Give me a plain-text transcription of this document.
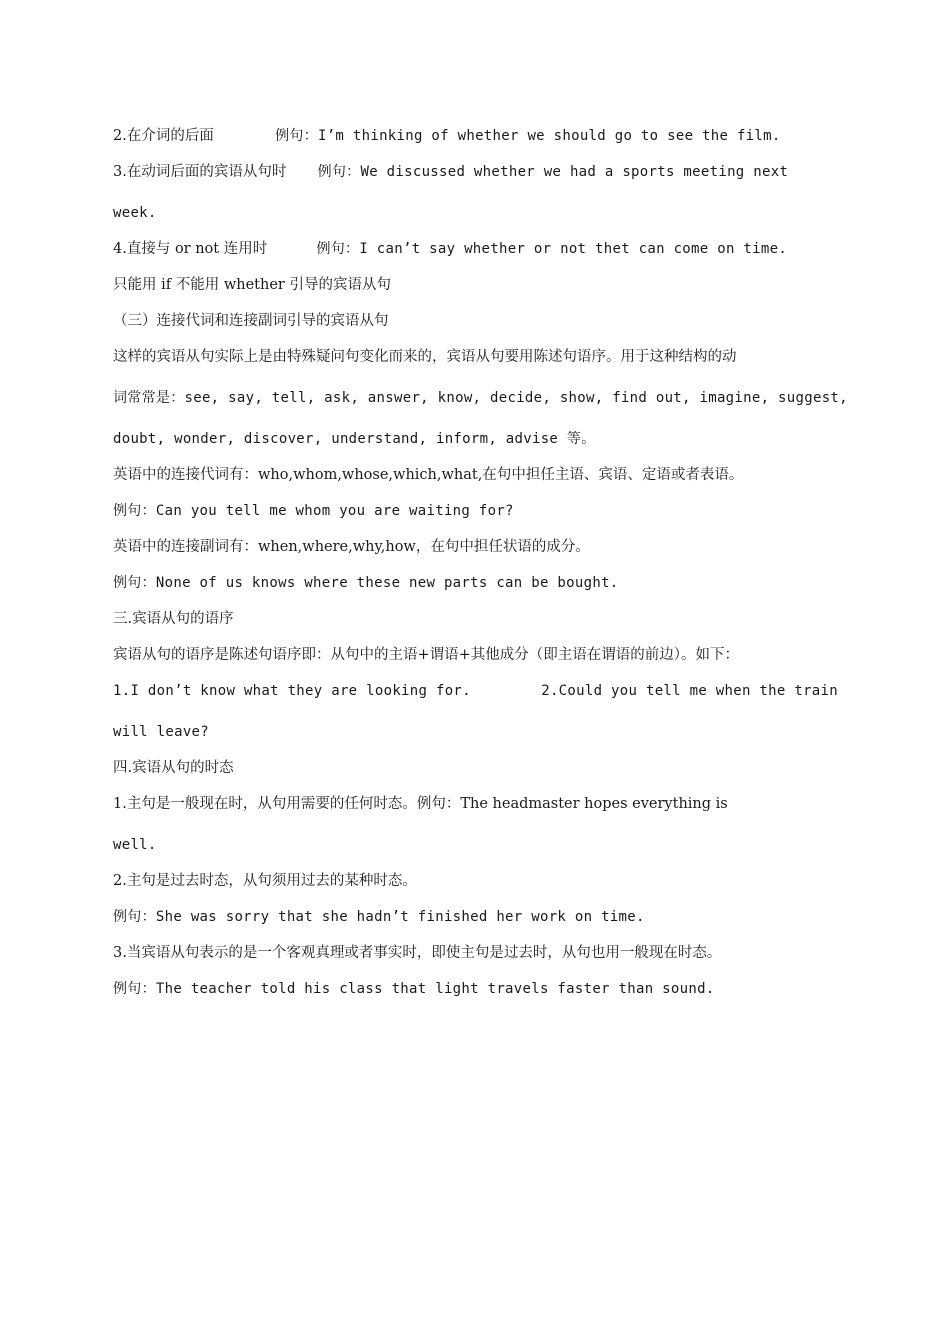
2.在介词的后面	例句：I’m thinking of whether we should go to see the film.
3.在动词后面的宾语从句时 例句：We discussed whether we had a sports meeting next
week.
4.直接与 or not 连用时	例句：I can’t say whether or not thet can come on time.
只能用 if 不能用 whether 引导的宾语从句
（三）连接代词和连接副词引导的宾语从句
这样的宾语从句实际上是由特殊疑问句变化而来的，宾语从句要用陈述句语序。用于这种结构的动
词常常是：see, say, tell, ask, answer, know, decide, show, find out, imagine, suggest,
doubt, wonder, discover, understand, inform, advise 等。
英语中的连接代词有：who,whom,whose,which,what,在句中担任主语、宾语、定语或者表语。
例句：Can you tell me whom you are waiting for?
英语中的连接副词有：when,where,why,how，在句中担任状语的成分。
例句：None of us knows where these new parts can be bought.
三.宾语从句的语序
宾语从句的语序是陈述句语序即：从句中的主语+谓语+其他成分（即主语在谓语的前边）。如下：
1.I don’t know what they are looking for.	2.Could you tell me when the train
will leave?
四.宾语从句的时态
1.主句是一般现在时，从句用需要的任何时态。例句：The headmaster hopes everything is
well.
2.主句是过去时态，从句须用过去的某种时态。
例句：She was sorry that she hadn’t finished her work on time.
3.当宾语从句表示的是一个客观真理或者事实时，即使主句是过去时，从句也用一般现在时态。
例句：The teacher told his class that light travels faster than sound.
